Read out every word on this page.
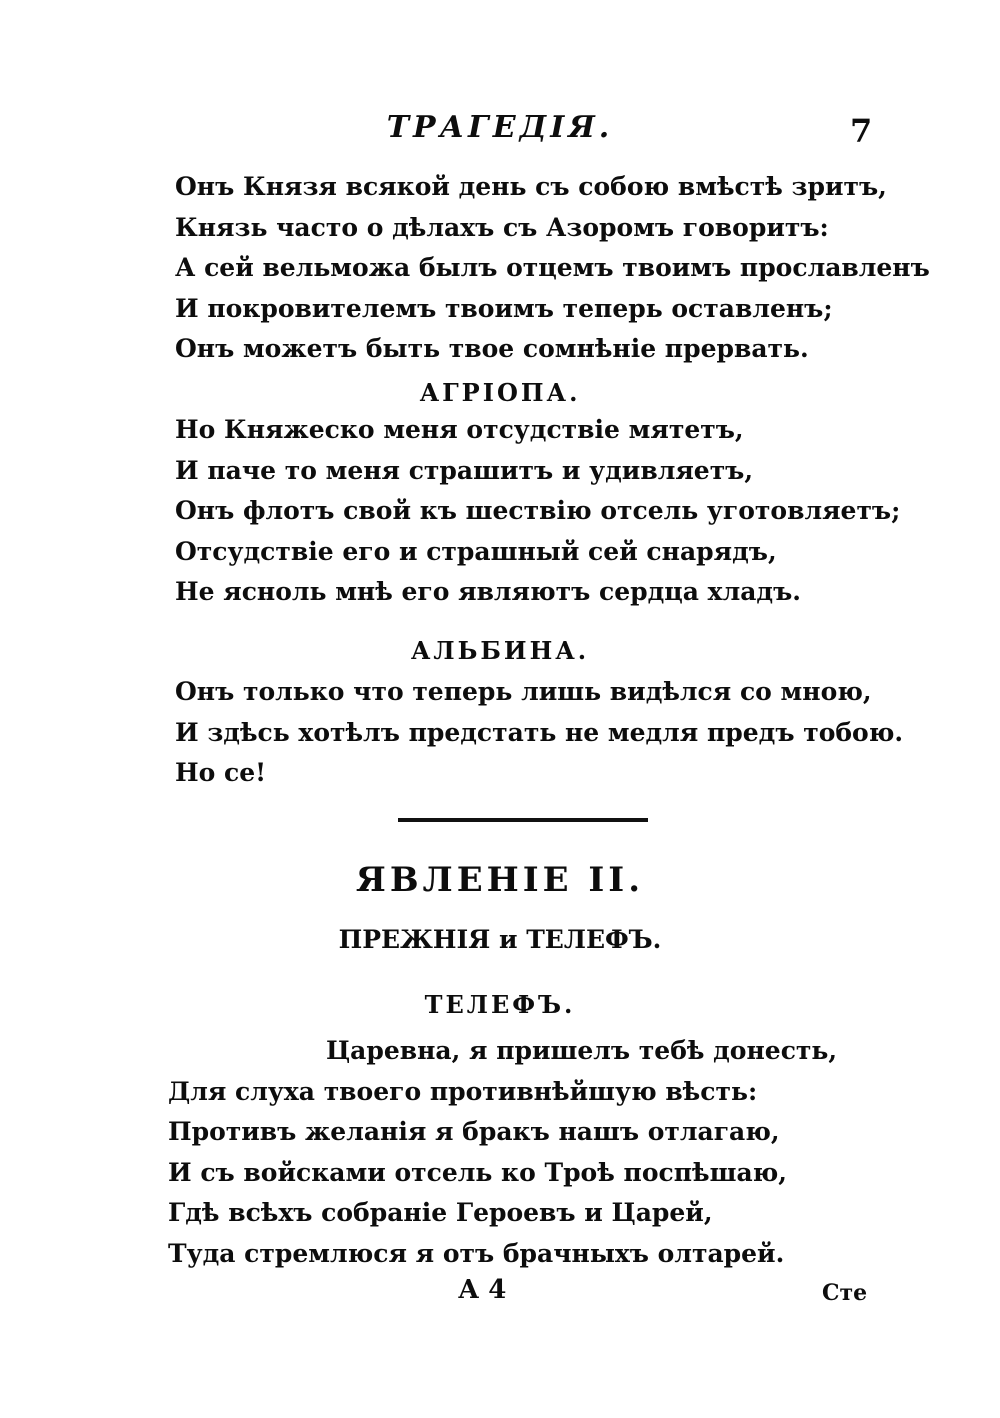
ТРАГЕДІЯ.	7
Онъ Князя всякой день съ собою вмѣстѣ зритъ,
Князь часто о дѣлахъ съ Азоромъ говоритъ:
А сей вельможа былъ отцемъ твоимъ прославленъ
И покровителемъ твоимъ теперь оставленъ;
Онъ можетъ быть твое сомнѣніе прервать.
АГРІОПА.
Но Княжеско меня отсудствіе мятетъ,
И паче то меня страшитъ и удивляетъ,
Онъ флотъ свой къ шествію отсель уготовляетъ;
Отсудствіе его и страшный сей снарядъ,
Не ясноль мнѣ его являютъ сердца хладъ.
АЛЬБИНА.
Онъ только что теперь лишь видѣлся со мною,
И здѣсь хотѣлъ предстать не медля предъ тобою.
Но се!
ЯВЛЕНІЕ II.
ПРЕЖНІЯ и ТЕЛЕФЪ.
ТЕЛЕФЪ.
Царевна, я пришелъ тебѣ донесть,
Для слуха твоего противнѣйшую вѣсть:
Противъ желанія я бракъ нашъ отлагаю,
И съ войсками отсель ко Троѣ поспѣшаю,
Гдѣ всѣхъ собраніе Героевъ и Царей,
Туда стремлюся я отъ брачныхъ олтарей.
А 4	Сте
